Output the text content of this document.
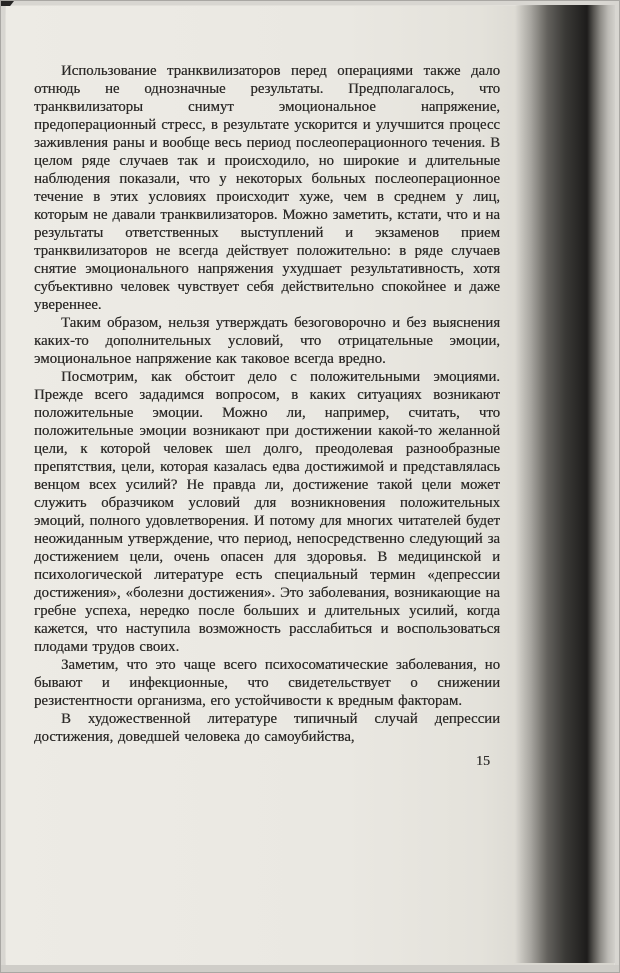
Использование транквилизаторов перед операциями также дало отнюдь не однозначные результаты. Предполагалось, что транквилизаторы снимут эмоциональное напряжение, предоперационный стресс, в результате ускорится и улучшится процесс заживления раны и вообще весь период послеоперационного течения. В целом ряде случаев так и происходило, но широкие и длительные наблюдения показали, что у некоторых больных послеоперационное течение в этих условиях происходит хуже, чем в среднем у лиц, которым не давали транквилизаторов. Можно заметить, кстати, что и на результаты ответственных выступлений и экзаменов прием транквилизаторов не всегда действует положительно: в ряде случаев снятие эмоционального напряжения ухудшает результативность, хотя субъективно человек чувствует себя действительно спокойнее и даже увереннее.

Таким образом, нельзя утверждать безоговорочно и без выяснения каких-то дополнительных условий, что отрицательные эмоции, эмоциональное напряжение как таковое всегда вредно.

Посмотрим, как обстоит дело с положительными эмоциями. Прежде всего зададимся вопросом, в каких ситуациях возникают положительные эмоции. Можно ли, например, считать, что положительные эмоции возникают при достижении какой-то желанной цели, к которой человек шел долго, преодолевая разнообразные препятствия, цели, которая казалась едва достижимой и представлялась венцом всех усилий? Не правда ли, достижение такой цели может служить образчиком условий для возникновения положительных эмоций, полного удовлетворения. И потому для многих читателей будет неожиданным утверждение, что период, непосредственно следующий за достижением цели, очень опасен для здоровья. В медицинской и психологической литературе есть специальный термин «депрессии достижения», «болезни достижения». Это заболевания, возникающие на гребне успеха, нередко после больших и длительных усилий, когда кажется, что наступила возможность расслабиться и воспользоваться плодами трудов своих.

Заметим, что это чаще всего психосоматические заболевания, но бывают и инфекционные, что свидетельствует о снижении резистентности организма, его устойчивости к вредным факторам.

В художественной литературе типичный случай депрессии достижения, доведшей человека до самоубийства,

15
